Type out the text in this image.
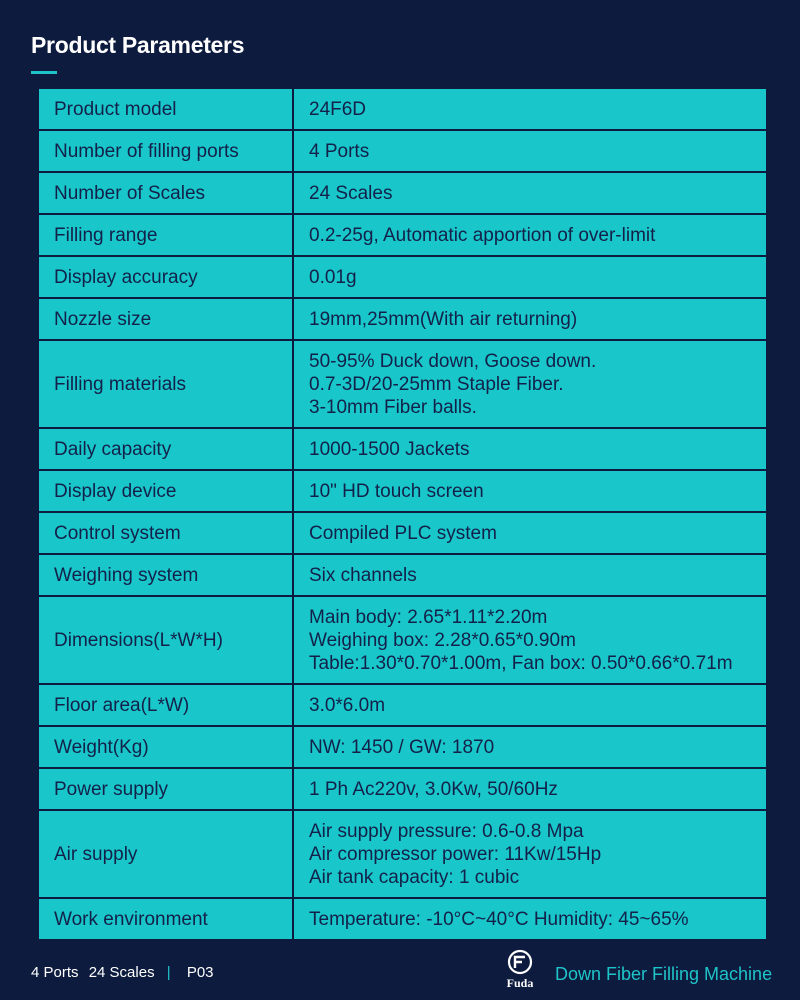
Product Parameters
Product model	24F6D

Number of filling ports	4 Ports

Number of Scales	24 Scales

Filling range	0.2-25g, Automatic apportion of over-limit

Display accuracy	0.01g

Nozzle size	19mm,25mm(With air returning)

Filling materials	50-95% Duck down, Goose down.
0.7-3D/20-25mm Staple Fiber.
3-10mm Fiber balls.

Daily capacity	1000-1500 Jackets

Display device	10" HD touch screen

Control system	Compiled PLC system

Weighing system	Six channels

Dimensions(L*W*H)	Main body: 2.65*1.11*2.20m
Weighing box: 2.28*0.65*0.90m
Table:1.30*0.70*1.00m, Fan box: 0.50*0.66*0.71m

Floor area(L*W)	3.0*6.0m

Weight(Kg)	NW: 1450 / GW: 1870

Power supply	1 Ph Ac220v, 3.0Kw, 50/60Hz

Air supply	Air supply pressure: 0.6-0.8 Mpa
Air compressor power: 11Kw/15Hp
Air tank capacity: 1 cubic

Work environment	Temperature: -10°C~40°C Humidity: 45~65%
4 Ports 24 Scales | P03
Fuda	Down Fiber Filling Machine
